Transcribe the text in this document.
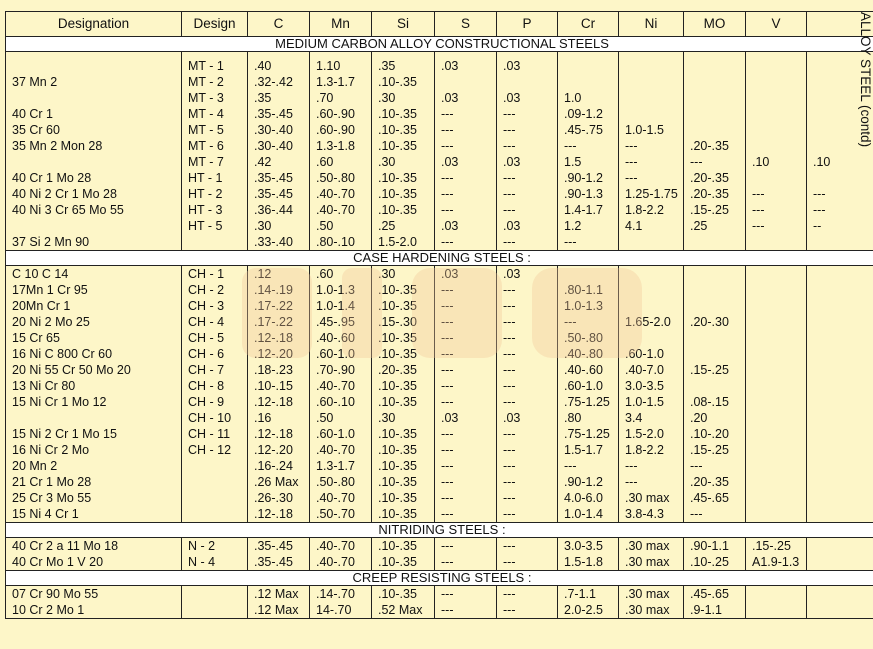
Designation	Design	C	Mn	Si	S	P	Cr	Ni	MO	V	
MEDIUM CARBON ALLOY CONSTRUCTIONAL STEELS											

	MT - 1	.40	1.10	.35	.03	.03					
37 Mn 2	MT - 2	.32-.42	1.3-1.7	.10-.35							
	MT - 3	.35	.70	.30	.03	.03	1.0				
40 Cr 1	MT - 4	.35-.45	.60-.90	.10-.35	---	---	.09-1.2				
35 Cr 60	MT - 5	.30-.40	.60-.90	.10-.35	---	---	.45-.75	1.0-1.5			
35 Mn 2 Mon 28	MT - 6	.30-.40	1.3-1.8	.10-.35	---	---	---	---	.20-.35		
	MT - 7	.42	.60	.30	.03	.03	1.5	---	---	.10	.10
40 Cr 1 Mo 28	HT - 1	.35-.45	.50-.80	.10-.35	---	---	.90-1.2	---	.20-.35		
40 Ni 2 Cr 1 Mo 28	HT - 2	.35-.45	.40-.70	.10-.35	---	---	.90-1.3	1.25-1.75	.20-.35	---	---
40 Ni 3 Cr 65 Mo 55	HT - 3	.36-.44	.40-.70	.10-.35	---	---	1.4-1.7	1.8-2.2	.15-.25	---	---
	HT - 5	.30	.50	.25	.03	.03	1.2	4.1	.25	---	--
37 Si 2 Mn 90		.33-.40	.80-.10	1.5-2.0	---	---	---				
CASE HARDENING STEELS :											
C 10 C 14	CH - 1	.12	.60	.30	.03	.03					
17Mn 1 Cr 95	CH - 2	.14-.19	1.0-1.3	.10-.35	---	---	.80-1.1				
20Mn Cr 1	CH - 3	.17-.22	1.0-1.4	.10-.35	---	---	1.0-1.3				
20 Ni 2 Mo 25	CH - 4	.17-.22	.45-.95	.15-.30	---	---	---	1.65-2.0	.20-.30		
15 Cr 65	CH - 5	.12-.18	.40-.60	.10-.35	---	---	.50-.80				
16 Ni C 800 Cr 60	CH - 6	.12-.20	.60-1.0	.10-.35	---	---	.40-.80	.60-1.0			
20 Ni 55 Cr 50 Mo 20	CH - 7	.18-.23	.70-.90	.20-.35	---	---	.40-.60	.40-7.0	.15-.25		
13 Ni Cr 80	CH - 8	.10-.15	.40-.70	.10-.35	---	---	.60-1.0	3.0-3.5			
15 Ni Cr 1 Mo 12	CH - 9	.12-.18	.60-.10	.10-.35	---	---	.75-1.25	1.0-1.5	.08-.15		
	CH - 10	.16	.50	.30	.03	.03	.80	3.4	.20		
15 Ni 2 Cr 1 Mo 15	CH - 11	.12-.18	.60-1.0	.10-.35	---	---	.75-1.25	1.5-2.0	.10-.20		
16 Ni Cr 2 Mo	CH - 12	.12-.20	.40-.70	.10-.35	---	---	1.5-1.7	1.8-2.2	.15-.25		
20 Mn 2		.16-.24	1.3-1.7	.10-.35	---	---	---	---	---		
21 Cr 1 Mo 28		.26 Max	.50-.80	.10-.35	---	---	.90-1.2	---	.20-.35		
25 Cr 3 Mo 55		.26-.30	.40-.70	.10-.35	---	---	4.0-6.0	.30 max	.45-.65		
15 Ni 4 Cr 1		.12-.18	.50-.70	.10-.35	---	---	1.0-1.4	3.8-4.3	---		
NITRIDING STEELS :											
40 Cr 2 a 11 Mo 18	N - 2	.35-.45	.40-.70	.10-.35	---	---	3.0-3.5	.30 max	.90-1.1	.15-.25	
40 Cr Mo 1 V 20	N - 4	.35-.45	.40-.70	.10-.35	---	---	1.5-1.8	.30 max	.10-.25	A1.9-1.3	
CREEP RESISTING STEELS :											
07 Cr 90 Mo 55		.12 Max	.14-.70	.10-.35	---	---	.7-1.1	.30 max	.45-.65		
10 Cr 2 Mo 1		.12 Max	14-.70	.52 Max	---	---	2.0-2.5	.30 max	.9-1.1		
ALLOY STEEL (contd)
